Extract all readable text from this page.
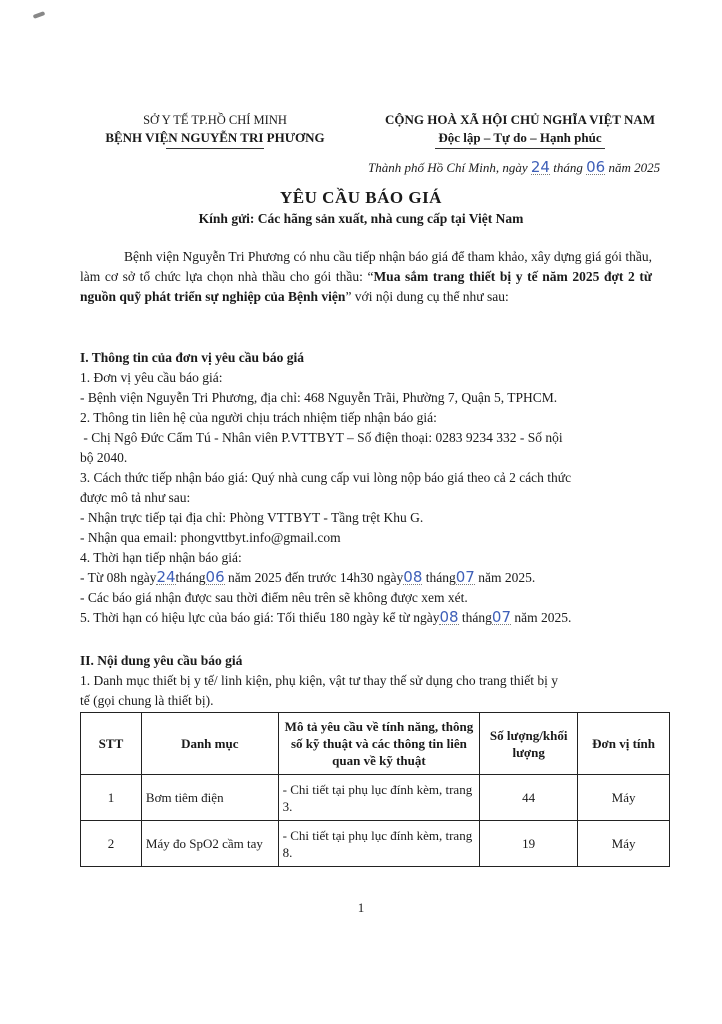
SỞ Y TẾ TP.HỒ CHÍ MINH
BỆNH VIỆN NGUYỄN TRI PHƯƠNG
CỘNG HOÀ XÃ HỘI CHỦ NGHĨA VIỆT NAM
Độc lập – Tự do – Hạnh phúc
Thành phố Hồ Chí Minh, ngày 24 tháng 06 năm 2025
YÊU CẦU BÁO GIÁ
Kính gửi: Các hãng sản xuất, nhà cung cấp tại Việt Nam

Bệnh viện Nguyễn Tri Phương có nhu cầu tiếp nhận báo giá để tham khảo, xây dựng giá gói thầu, làm cơ sở tổ chức lựa chọn nhà thầu cho gói thầu: “Mua sắm trang thiết bị y tế năm 2025 đợt 2 từ nguồn quỹ phát triển sự nghiệp của Bệnh viện” với nội dung cụ thể như sau:

I. Thông tin của đơn vị yêu cầu báo giá
1. Đơn vị yêu cầu báo giá:
- Bệnh viện Nguyễn Tri Phương, địa chỉ: 468 Nguyễn Trãi, Phường 7, Quận 5, TPHCM.
2. Thông tin liên hệ của người chịu trách nhiệm tiếp nhận báo giá:
- Chị Ngô Đức Cẩm Tú - Nhân viên P.VTTBYT – Số điện thoại: 0283 9234 332 - Số nội
bộ 2040.
3. Cách thức tiếp nhận báo giá: Quý nhà cung cấp vui lòng nộp báo giá theo cả 2 cách thức
được mô tả như sau:
- Nhận trực tiếp tại địa chỉ: Phòng VTTBYT - Tầng trệt Khu G.
- Nhận qua email: phongvttbyt.info@gmail.com
4. Thời hạn tiếp nhận báo giá:
- Từ 08h ngày24tháng06 năm 2025 đến trước 14h30 ngày08 tháng07 năm 2025.
- Các báo giá nhận được sau thời điểm nêu trên sẽ không được xem xét.
5. Thời hạn có hiệu lực của báo giá: Tối thiểu 180 ngày kể từ ngày08 tháng07 năm 2025.
II. Nội dung yêu cầu báo giá
1. Danh mục thiết bị y tế/ linh kiện, phụ kiện, vật tư thay thế sử dụng cho trang thiết bị y
tế (gọi chung là thiết bị).
STT	Danh mục	Mô tả yêu cầu về tính năng, thông số kỹ thuật và các thông tin liên quan về kỹ thuật	Số lượng/khối lượng	Đơn vị tính
1	Bơm tiêm điện	- Chi tiết tại phụ lục đính kèm, trang 3.	44	Máy
2	Máy đo SpO2 cầm tay	- Chi tiết tại phụ lục đính kèm, trang 8.	19	Máy
1
